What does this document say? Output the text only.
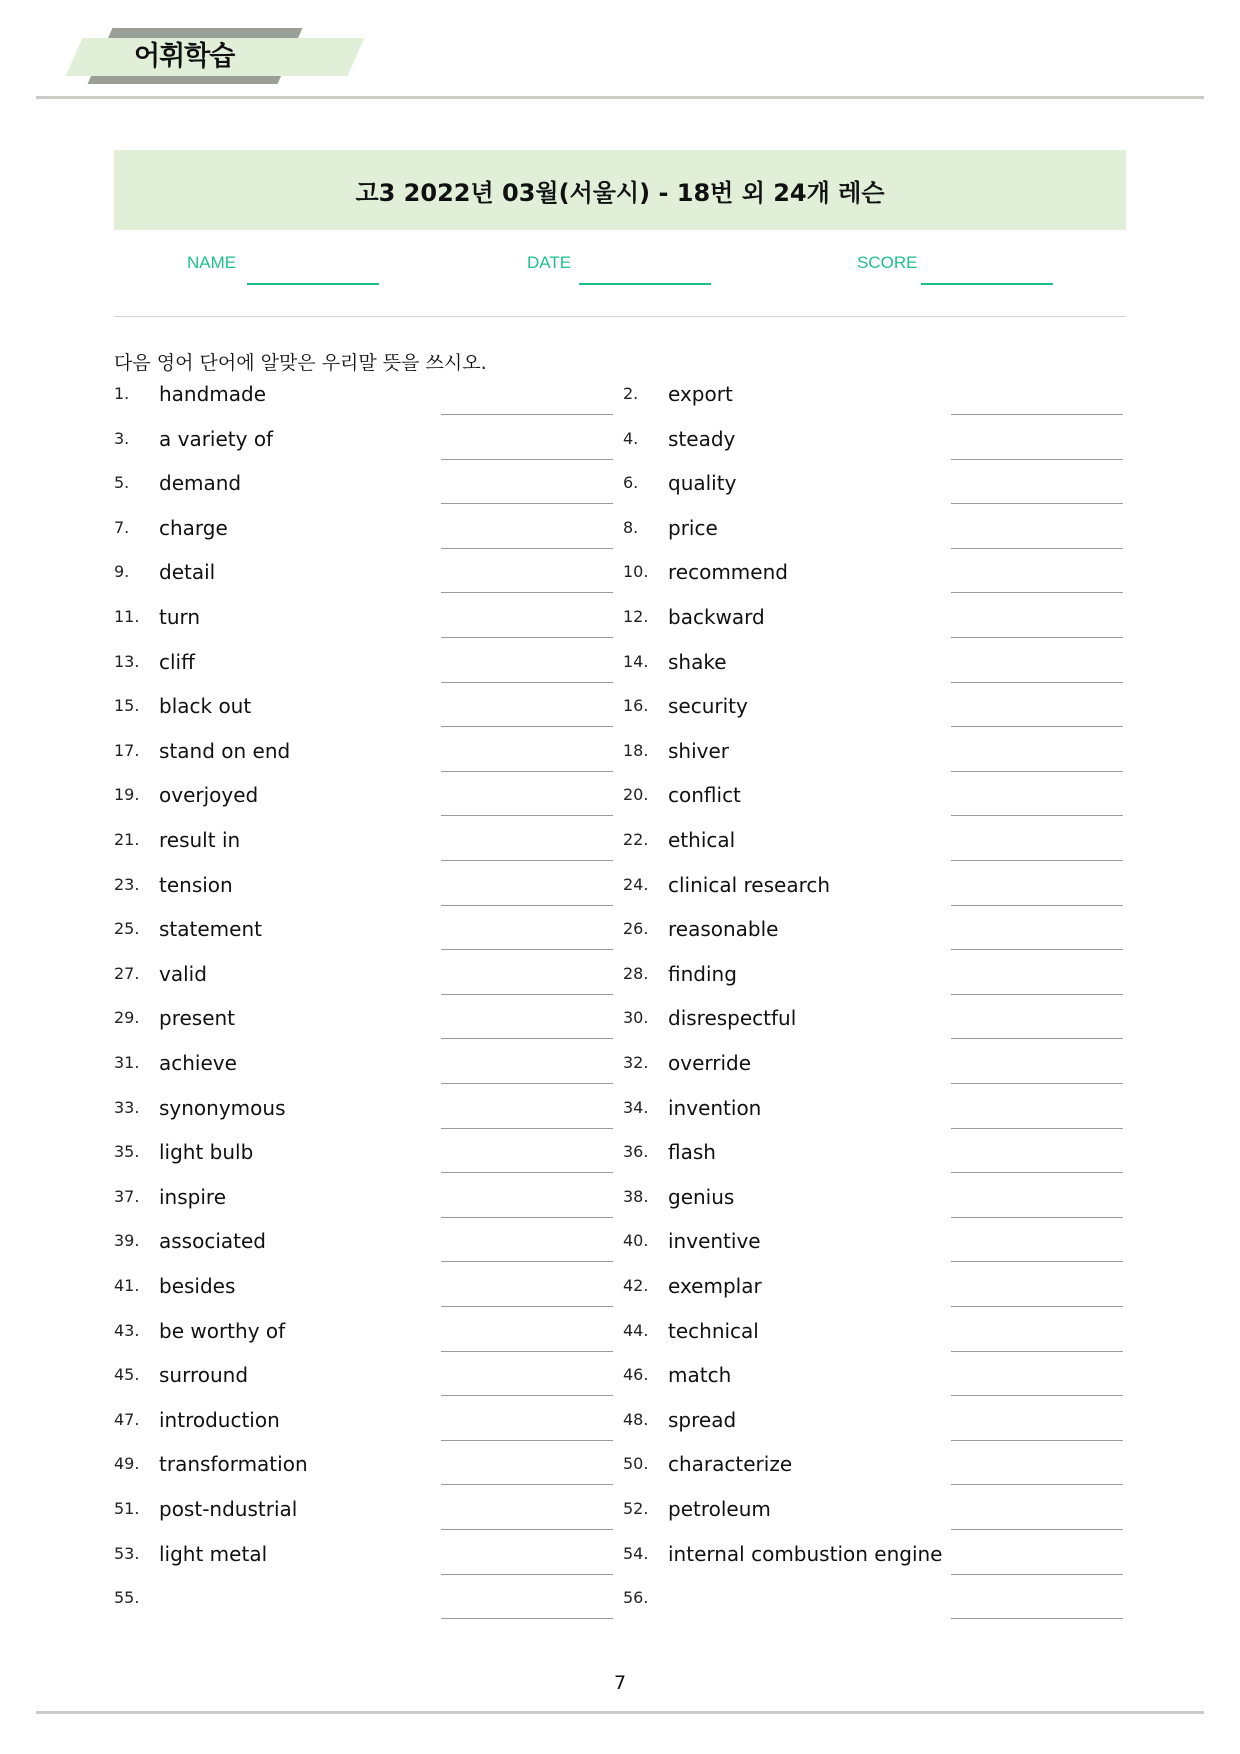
어휘학습
고3 2022년 03월(서울시) - 18번 외 24개 레슨
NAME	DATE	SCORE
다음 영어 단어에 알맞은 우리말 뜻을 쓰시오.
1. handmade	2. export
3. a variety of	4. steady
5. demand	6. quality
7. charge	8. price
9. detail	10. recommend
11. turn	12. backward
13. cliff	14. shake
15. black out	16. security
17. stand on end	18. shiver
19. overjoyed	20. conflict
21. result in	22. ethical
23. tension	24. clinical research
25. statement	26. reasonable
27. valid	28. finding
29. present	30. disrespectful
31. achieve	32. override
33. synonymous	34. invention
35. light bulb	36. flash
37. inspire	38. genius
39. associated	40. inventive
41. besides	42. exemplar
43. be worthy of	44. technical
45. surround	46. match
47. introduction	48. spread
49. transformation	50. characterize
51. post-ndustrial	52. petroleum
53. light metal	54. internal combustion engine
55.	56.
7
